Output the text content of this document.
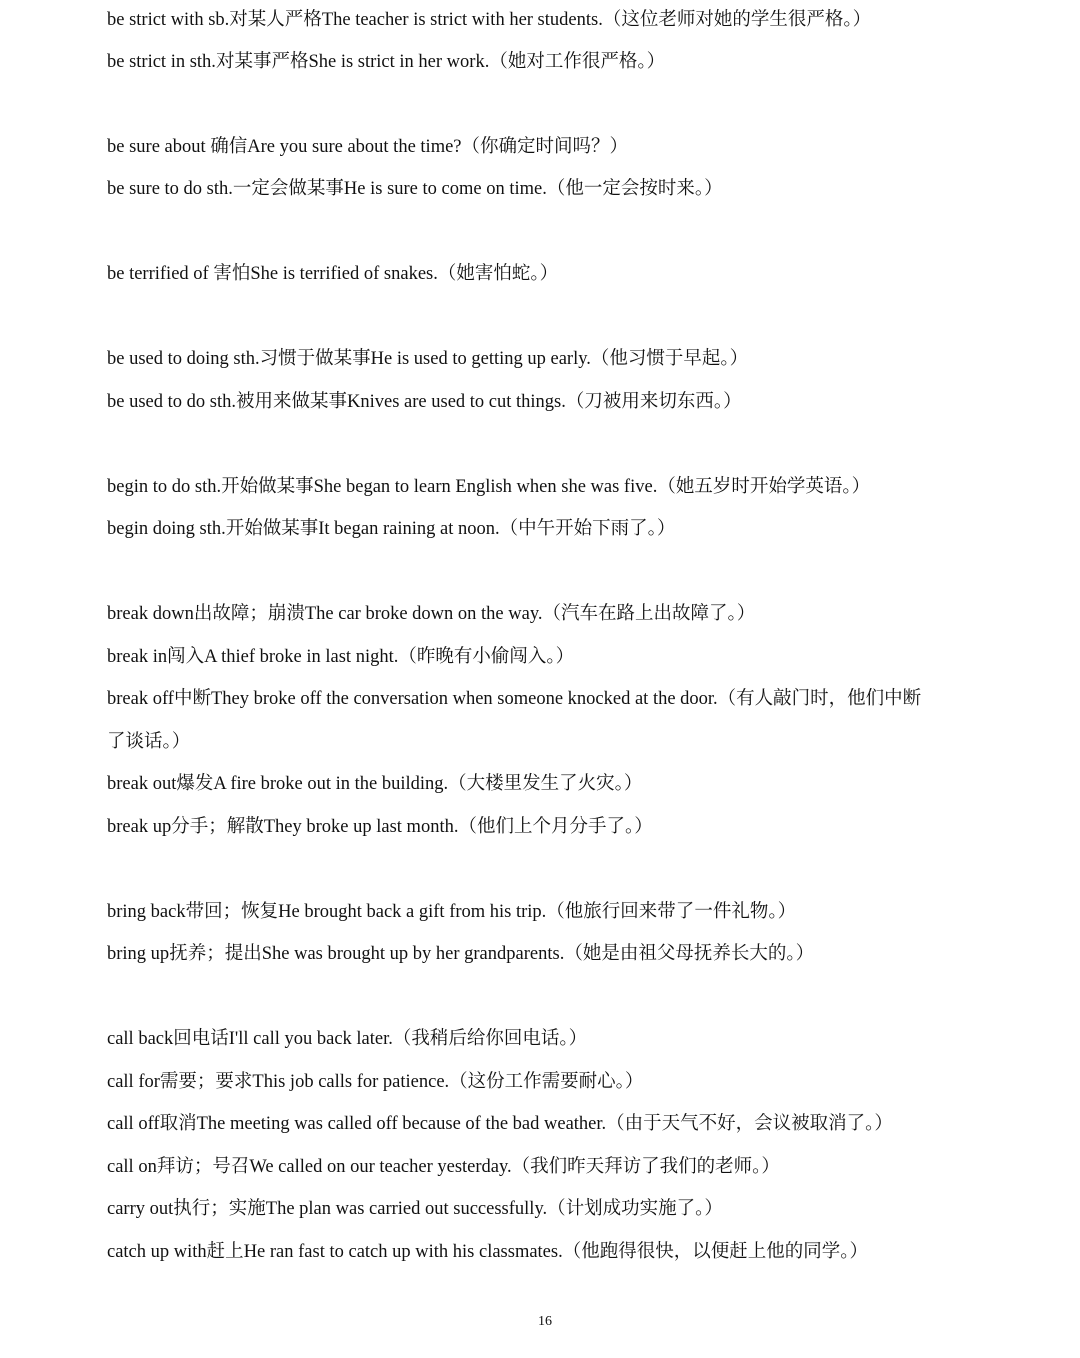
be strict with sb.对某人严格The teacher is strict with her students.（这位老师对她的学生很严格。）
be strict in sth.对某事严格She is strict in her work.（她对工作很严格。）
be sure about 确信Are you sure about the time?（你确定时间吗？）
be sure to do sth.一定会做某事He is sure to come on time.（他一定会按时来。）
be terrified of 害怕She is terrified of snakes.（她害怕蛇。）
be used to doing sth.习惯于做某事He is used to getting up early.（他习惯于早起。）
be used to do sth.被用来做某事Knives are used to cut things.（刀被用来切东西。）
begin to do sth.开始做某事She began to learn English when she was five.（她五岁时开始学英语。）
begin doing sth.开始做某事It began raining at noon.（中午开始下雨了。）
break down出故障；崩溃The car broke down on the way.（汽车在路上出故障了。）
break in闯入A thief broke in last night.（昨晚有小偷闯入。）
break off中断They broke off the conversation when someone knocked at the door.（有人敲门时，他们中断
了谈话。）
break out爆发A fire broke out in the building.（大楼里发生了火灾。）
break up分手；解散They broke up last month.（他们上个月分手了。）
bring back带回；恢复He brought back a gift from his trip.（他旅行回来带了一件礼物。）
bring up抚养；提出She was brought up by her grandparents.（她是由祖父母抚养长大的。）
call back回电话I'll call you back later.（我稍后给你回电话。）
call for需要；要求This job calls for patience.（这份工作需要耐心。）
call off取消The meeting was called off because of the bad weather.（由于天气不好，会议被取消了。）
call on拜访；号召We called on our teacher yesterday.（我们昨天拜访了我们的老师。）
carry out执行；实施The plan was carried out successfully.（计划成功实施了。）
catch up with赶上He ran fast to catch up with his classmates.（他跑得很快，以便赶上他的同学。）
16
